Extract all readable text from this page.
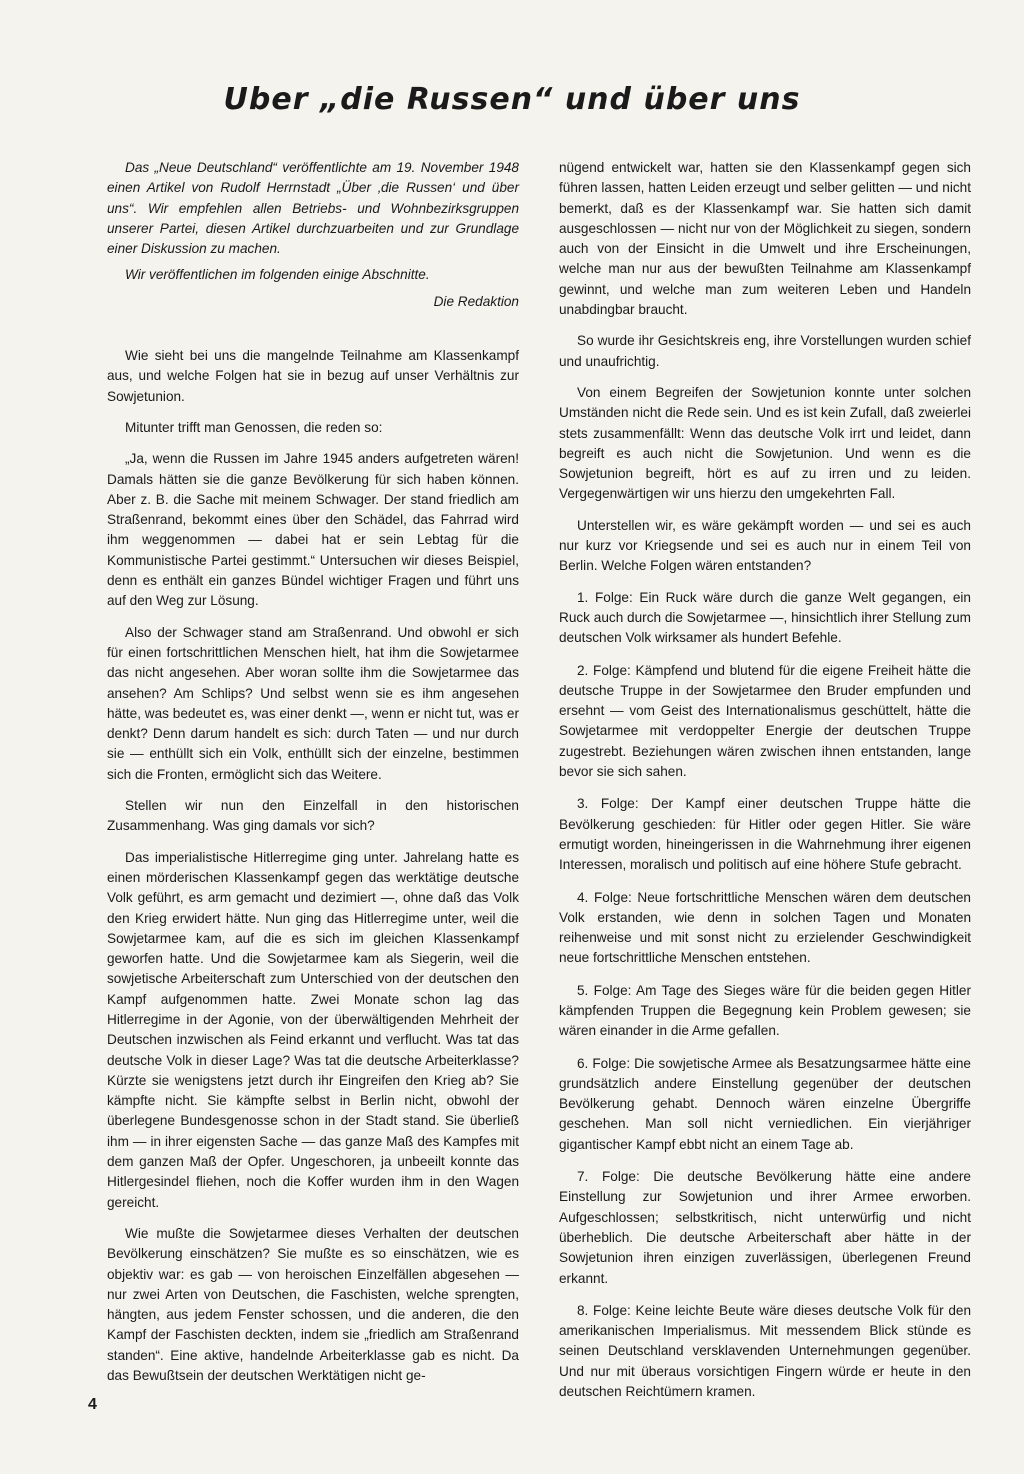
Uber „die Russen“ und über uns

Das „Neue Deutschland“ veröffentlichte am 19. November 1948 einen Artikel von Rudolf Herrnstadt „Über ‚die Russen‘ und über uns“. Wir empfehlen allen Betriebs- und Wohnbezirksgruppen unserer Partei, diesen Artikel durchzuarbeiten und zur Grundlage einer Diskussion zu machen.

Wir veröffentlichen im folgenden einige Abschnitte.

Die Redaktion

Wie sieht bei uns die mangelnde Teilnahme am Klassenkampf aus, und welche Folgen hat sie in bezug auf unser Verhältnis zur Sowjetunion.

Mitunter trifft man Genossen, die reden so:

„Ja, wenn die Russen im Jahre 1945 anders aufgetreten wären! Damals hätten sie die ganze Bevölkerung für sich haben können. Aber z. B. die Sache mit meinem Schwager. Der stand friedlich am Straßenrand, bekommt eines über den Schädel, das Fahrrad wird ihm weggenommen — dabei hat er sein Lebtag für die Kommunistische Partei gestimmt.“ Untersuchen wir dieses Beispiel, denn es enthält ein ganzes Bündel wichtiger Fragen und führt uns auf den Weg zur Lösung.

Also der Schwager stand am Straßenrand. Und obwohl er sich für einen fortschrittlichen Menschen hielt, hat ihm die Sowjetarmee das nicht angesehen. Aber woran sollte ihm die Sowjetarmee das ansehen? Am Schlips? Und selbst wenn sie es ihm angesehen hätte, was bedeutet es, was einer denkt —, wenn er nicht tut, was er denkt? Denn darum handelt es sich: durch Taten — und nur durch sie — enthüllt sich ein Volk, enthüllt sich der einzelne, bestimmen sich die Fronten, ermöglicht sich das Weitere.

Stellen wir nun den Einzelfall in den historischen Zusammenhang. Was ging damals vor sich?

Das imperialistische Hitlerregime ging unter. Jahrelang hatte es einen mörderischen Klassenkampf gegen das werktätige deutsche Volk geführt, es arm gemacht und dezimiert —, ohne daß das Volk den Krieg erwidert hätte. Nun ging das Hitlerregime unter, weil die Sowjetarmee kam, auf die es sich im gleichen Klassenkampf geworfen hatte. Und die Sowjetarmee kam als Siegerin, weil die sowjetische Arbeiterschaft zum Unterschied von der deutschen den Kampf aufgenommen hatte. Zwei Monate schon lag das Hitlerregime in der Agonie, von der überwältigenden Mehrheit der Deutschen inzwischen als Feind erkannt und verflucht. Was tat das deutsche Volk in dieser Lage? Was tat die deutsche Arbeiterklasse? Kürzte sie wenigstens jetzt durch ihr Eingreifen den Krieg ab? Sie kämpfte nicht. Sie kämpfte selbst in Berlin nicht, obwohl der überlegene Bundesgenosse schon in der Stadt stand. Sie überließ ihm — in ihrer eigensten Sache — das ganze Maß des Kampfes mit dem ganzen Maß der Opfer. Ungeschoren, ja unbeeilt konnte das Hitlergesindel fliehen, noch die Koffer wurden ihm in den Wagen gereicht.

Wie mußte die Sowjetarmee dieses Verhalten der deutschen Bevölkerung einschätzen? Sie mußte es so einschätzen, wie es objektiv war: es gab — von heroischen Einzelfällen abgesehen — nur zwei Arten von Deutschen, die Faschisten, welche sprengten, hängten, aus jedem Fenster schossen, und die anderen, die den Kampf der Faschisten deckten, indem sie „friedlich am Straßenrand standen“. Eine aktive, handelnde Arbeiterklasse gab es nicht. Da das Bewußtsein der deutschen Werktätigen nicht ge-

nügend entwickelt war, hatten sie den Klassenkampf gegen sich führen lassen, hatten Leiden erzeugt und selber gelitten — und nicht bemerkt, daß es der Klassenkampf war. Sie hatten sich damit ausgeschlossen — nicht nur von der Möglichkeit zu siegen, sondern auch von der Einsicht in die Umwelt und ihre Erscheinungen, welche man nur aus der bewußten Teilnahme am Klassenkampf gewinnt, und welche man zum weiteren Leben und Handeln unabdingbar braucht.

So wurde ihr Gesichtskreis eng, ihre Vorstellungen wurden schief und unaufrichtig.

Von einem Begreifen der Sowjetunion konnte unter solchen Umständen nicht die Rede sein. Und es ist kein Zufall, daß zweierlei stets zusammenfällt: Wenn das deutsche Volk irrt und leidet, dann begreift es auch nicht die Sowjetunion. Und wenn es die Sowjetunion begreift, hört es auf zu irren und zu leiden. Vergegenwärtigen wir uns hierzu den umgekehrten Fall.

Unterstellen wir, es wäre gekämpft worden — und sei es auch nur kurz vor Kriegsende und sei es auch nur in einem Teil von Berlin. Welche Folgen wären entstanden?

1. Folge: Ein Ruck wäre durch die ganze Welt gegangen, ein Ruck auch durch die Sowjetarmee —, hinsichtlich ihrer Stellung zum deutschen Volk wirksamer als hundert Befehle.

2. Folge: Kämpfend und blutend für die eigene Freiheit hätte die deutsche Truppe in der Sowjetarmee den Bruder empfunden und ersehnt — vom Geist des Internationalismus geschüttelt, hätte die Sowjetarmee mit verdoppelter Energie der deutschen Truppe zugestrebt. Beziehungen wären zwischen ihnen entstanden, lange bevor sie sich sahen.

3. Folge: Der Kampf einer deutschen Truppe hätte die Bevölkerung geschieden: für Hitler oder gegen Hitler. Sie wäre ermutigt worden, hineingerissen in die Wahrnehmung ihrer eigenen Interessen, moralisch und politisch auf eine höhere Stufe gebracht.

4. Folge: Neue fortschrittliche Menschen wären dem deutschen Volk erstanden, wie denn in solchen Tagen und Monaten reihenweise und mit sonst nicht zu erzielender Geschwindigkeit neue fortschrittliche Menschen entstehen.

5. Folge: Am Tage des Sieges wäre für die beiden gegen Hitler kämpfenden Truppen die Begegnung kein Problem gewesen; sie wären einander in die Arme gefallen.

6. Folge: Die sowjetische Armee als Besatzungsarmee hätte eine grundsätzlich andere Einstellung gegenüber der deutschen Bevölkerung gehabt. Dennoch wären einzelne Übergriffe geschehen. Man soll nicht verniedlichen. Ein vierjähriger gigantischer Kampf ebbt nicht an einem Tage ab.

7. Folge: Die deutsche Bevölkerung hätte eine andere Einstellung zur Sowjetunion und ihrer Armee erworben. Aufgeschlossen; selbstkritisch, nicht unterwürfig und nicht überheblich. Die deutsche Arbeiterschaft aber hätte in der Sowjetunion ihren einzigen zuverlässigen, überlegenen Freund erkannt.

8. Folge: Keine leichte Beute wäre dieses deutsche Volk für den amerikanischen Imperialismus. Mit messendem Blick stünde es seinen Deutschland versklavenden Unternehmungen gegenüber. Und nur mit überaus vorsichtigen Fingern würde er heute in den deutschen Reichtümern kramen.

4
